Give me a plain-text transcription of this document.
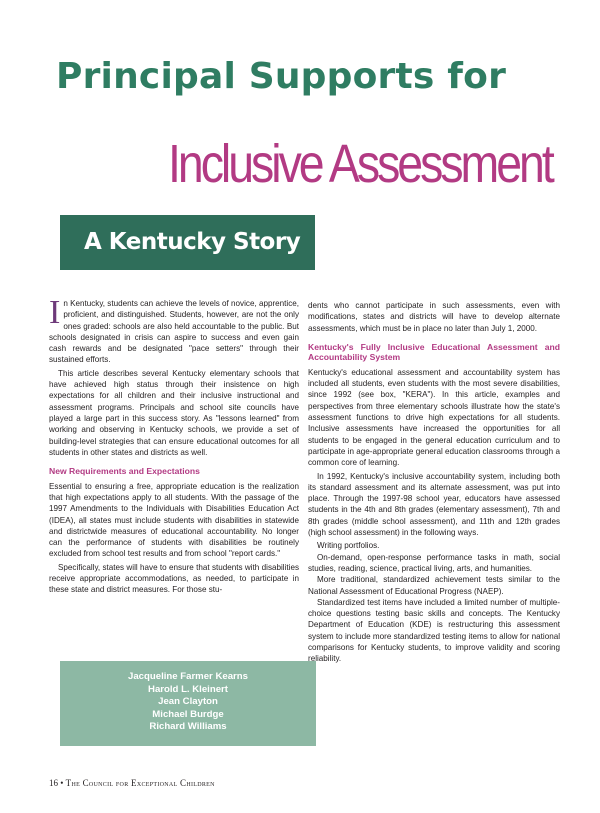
Principal Supports for
Inclusive Assessment
A Kentucky Story

In Kentucky, students can achieve the levels of novice, apprentice, proficient, and distinguished. Students, however, are not the only ones graded: schools are also held accountable to the public. But schools designated in crisis can aspire to success and even gain cash rewards and be designated "pace setters" through their sustained efforts.

This article describes several Kentucky elementary schools that have achieved high status through their insistence on high expectations for all children and their inclusive instructional and assessment programs. Principals and school site councils have played a large part in this success story. As "lessons learned" from working and observing in Kentucky schools, we provide a set of building-level strategies that can ensure educational outcomes for all students in other states and districts as well.

New Requirements and Expectations

Essential to ensuring a free, appropriate education is the realization that high expectations apply to all students. With the passage of the 1997 Amendments to the Individuals with Disabilities Education Act (IDEA), all states must include students with disabilities in statewide and districtwide measures of educational accountability. No longer can the performance of students with disabilities be routinely excluded from school test results and from school "report cards."

Specifically, states will have to ensure that students with disabilities receive appropriate accommodations, as needed, to participate in these state and district measures. For those stu-

Jacqueline Farmer Kearns
Harold L. Kleinert
Jean Clayton
Michael Burdge
Richard Williams

dents who cannot participate in such assessments, even with modifications, states and districts will have to develop alternate assessments, which must be in place no later than July 1, 2000.

Kentucky's Fully Inclusive Educational Assessment and Accountability System

Kentucky's educational assessment and accountability system has included all students, even students with the most severe disabilities, since 1992 (see box, "KERA"). In this article, examples and perspectives from three elementary schools illustrate how the state's assessment functions to drive high expectations for all students. Inclusive assessments have increased the opportunities for all students to be engaged in the general education curriculum and to participate in age-appropriate general education classrooms through a common core of learning.

In 1992, Kentucky's inclusive accountability system, including both its standard assessment and its alternate assessment, was put into place. Through the 1997-98 school year, educators have assessed students in the 4th and 8th grades (elementary assessment), 7th and 8th grades (middle school assessment), and 11th and 12th grades (high school assessment) in the following ways.

Writing portfolios.
On-demand, open-response performance tasks in math, social studies, reading, science, practical living, arts, and humanities.
More traditional, standardized achievement tests similar to the National Assessment of Educational Progress (NAEP).

Standardized test items have included a limited number of multiple-choice questions testing basic skills and concepts. The Kentucky Department of Education (KDE) is restructuring this assessment system to include more standardized testing items to allow for national comparisons for Kentucky students, to improve validity and scoring reliability.

16 • The Council for Exceptional Children
